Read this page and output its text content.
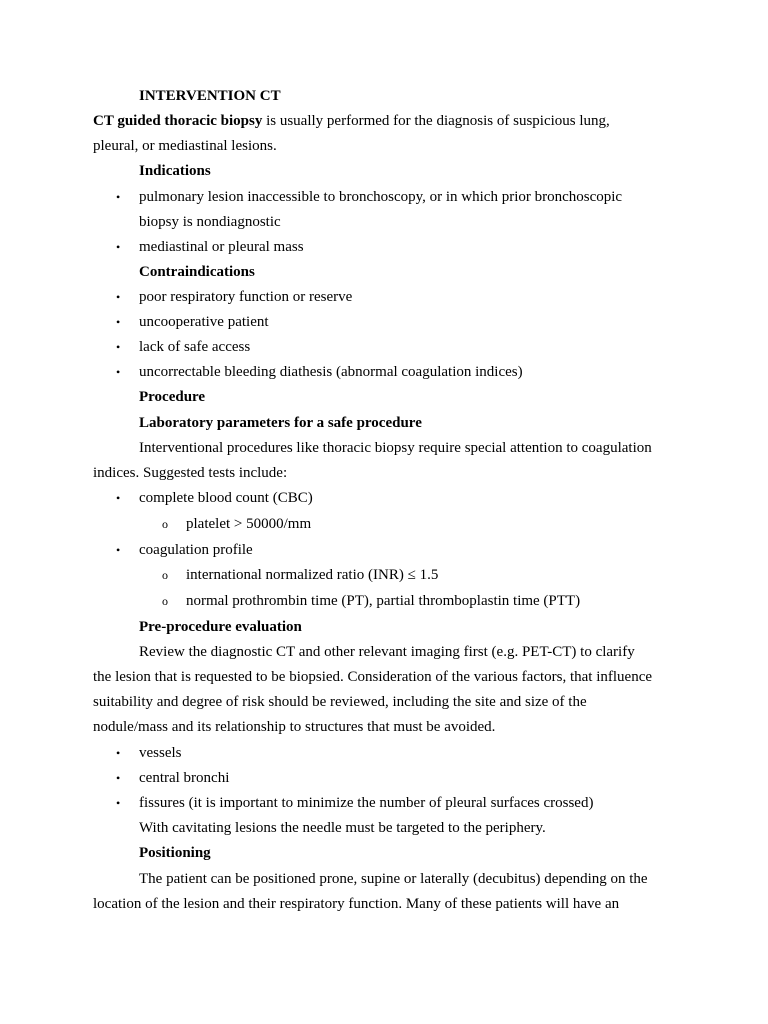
INTERVENTION CT
CT guided thoracic biopsy is usually performed for the diagnosis of suspicious lung,
pleural, or mediastinal lesions.
Indications
• pulmonary lesion inaccessible to bronchoscopy, or in which prior bronchoscopic
biopsy is nondiagnostic
• mediastinal or pleural mass
Contraindications
• poor respiratory function or reserve
• uncooperative patient
• lack of safe access
• uncorrectable bleeding diathesis (abnormal coagulation indices)
Procedure
Laboratory parameters for a safe procedure
Interventional procedures like thoracic biopsy require special attention to coagulation
indices. Suggested tests include:
• complete blood count (CBC)
o platelet > 50000/mm
• coagulation profile
o international normalized ratio (INR) ≤ 1.5
o normal prothrombin time (PT), partial thromboplastin time (PTT)
Pre-procedure evaluation
Review the diagnostic CT and other relevant imaging first (e.g. PET-CT) to clarify
the lesion that is requested to be biopsied. Consideration of the various factors, that influence
suitability and degree of risk should be reviewed, including the site and size of the
nodule/mass and its relationship to structures that must be avoided.
• vessels
• central bronchi
• fissures (it is important to minimize the number of pleural surfaces crossed)
With cavitating lesions the needle must be targeted to the periphery.
Positioning
The patient can be positioned prone, supine or laterally (decubitus) depending on the
location of the lesion and their respiratory function. Many of these patients will have an
